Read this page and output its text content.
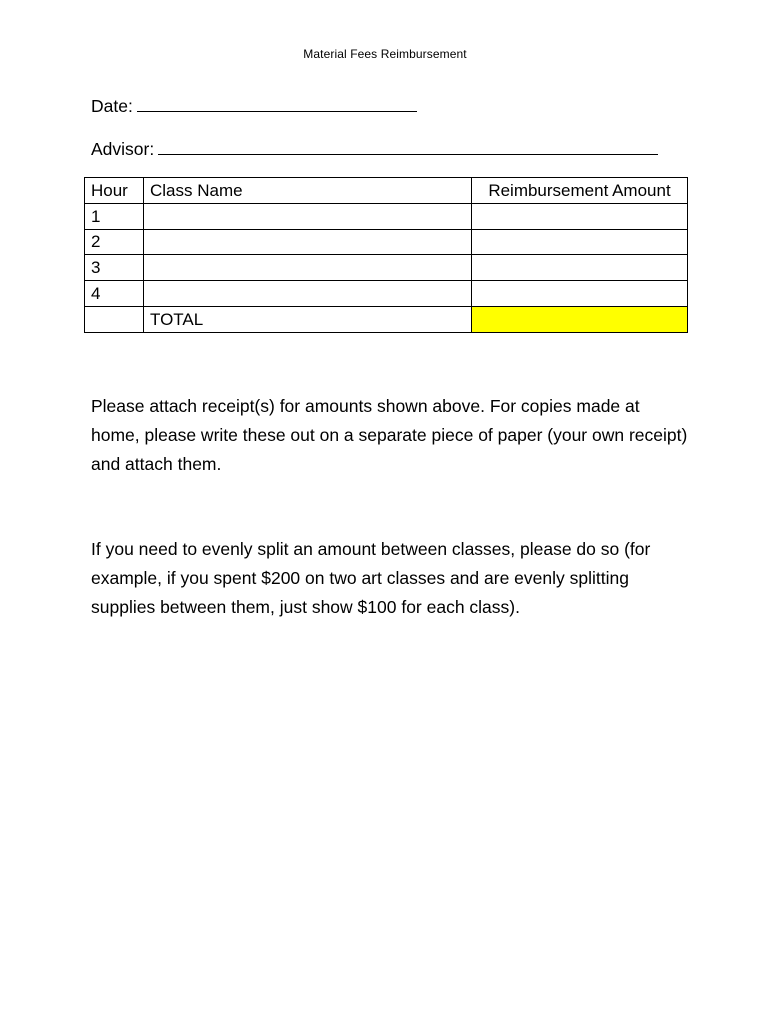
Material Fees Reimbursement
Date:
Advisor:
Hour	Class Name	Reimbursement Amount
1		
2		
3		
4		
	TOTAL	

Please attach receipt(s) for amounts shown above. For copies made at home, please write these out on a separate piece of paper (your own receipt) and attach them.

If you need to evenly split an amount between classes, please do so (for example, if you spent $200 on two art classes and are evenly splitting supplies between them, just show $100 for each class).
